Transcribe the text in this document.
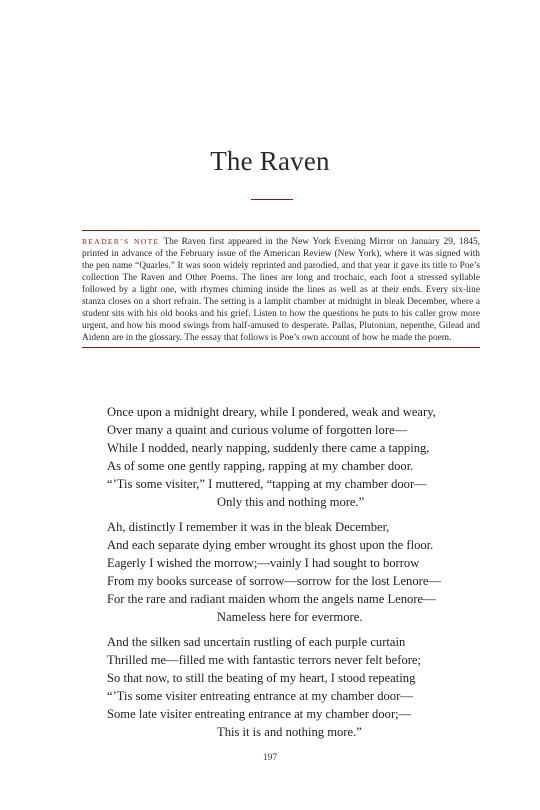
The Raven
READER’S NOTE The Raven first appeared in the New York Evening Mirror on January 29, 1845, printed in advance of the February issue of the American Review (New York), where it was signed with the pen name “Quarles.” It was soon widely reprinted and parodied, and that year it gave its title to Poe’s collection The Raven and Other Poems. The lines are long and trochaic, each foot a stressed syllable followed by a light one, with rhymes chiming inside the lines as well as at their ends. Every six-line stanza closes on a short refrain. The setting is a lamplit chamber at midnight in bleak December, where a student sits with his old books and his grief. Listen to how the questions he puts to his caller grow more urgent, and how his mood swings from half-amused to desperate. Pallas, Plutonian, nepenthe, Gilead and Aidenn are in the glossary. The essay that follows is Poe’s own account of how he made the poem.
Once upon a midnight dreary, while I pondered, weak and weary,
Over many a quaint and curious volume of forgotten lore—
While I nodded, nearly napping, suddenly there came a tapping,
As of some one gently rapping, rapping at my chamber door.
“’Tis some visiter,” I muttered, “tapping at my chamber door—
Only this and nothing more.”
Ah, distinctly I remember it was in the bleak December,
And each separate dying ember wrought its ghost upon the floor.
Eagerly I wished the morrow;—vainly I had sought to borrow
From my books surcease of sorrow—sorrow for the lost Lenore—
For the rare and radiant maiden whom the angels name Lenore—
Nameless here for evermore.
And the silken sad uncertain rustling of each purple curtain
Thrilled me—filled me with fantastic terrors never felt before;
So that now, to still the beating of my heart, I stood repeating
“’Tis some visiter entreating entrance at my chamber door—
Some late visiter entreating entrance at my chamber door;—
This it is and nothing more.”
197
